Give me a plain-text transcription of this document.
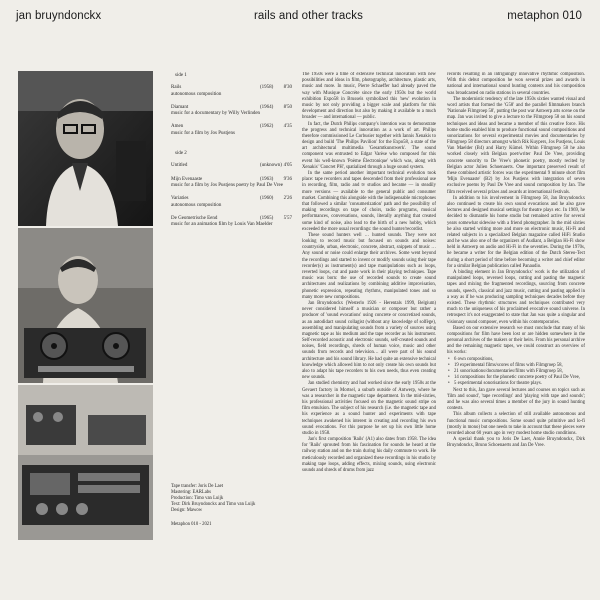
jan bruyndonckx	rails and other tracks	metaphon 010
side 1
Rails	(1958)	8'30
autonomous composition
Diamant	(1964)	8'50
music for a documentary by Willy Verlinden
Amen	(1962)	4'35
music for a film by Jos Pustjens
side 2
Untitled	(unknown) 4'05
Mijn Evenaaste	(1963)	9'36
music for a film by Jos Pustjens poetry by Paul De Vree
Variaties	(1960)	2'26
autonomous composition
De Geometrische Eend	(1965)	5'57
music for an animation film by Louis Van Maelder
Tape transfer: Joris De Laet
Mastering: EARLabs
Production: Timo van Luijk
Text: Dirk Bruyndonckx and Timo van Luijk
Design: Mawow
Metaphon 010 - 2021

The 1950s were a time of extensive technical innovation with new possibilities and ideas in film, photography, architecture, plastic arts, music and more. In music, Pierre Schaeffer had already paved the way with Musique Concrète since the early 1950s but the world exhibition Expo58 in Brussels symbolized this 'new' evolution in music by not only providing a bigger scale and platform for this development and direction but also by making it available to a much broader — and international — public.

In fact, the Dutch Philips company's intention was to demonstrate the progress and technical innovation as a work of art. Philips therefore commissioned Le Corbusier together with Iannis Xenakis to design and build 'The Philips Pavilion' for the Expo58, a state of the art architectural multimedia 'Gesamtkunstwerk'. The sound component was entrusted to Edgar Varèse who composed for this event his well-known 'Poème Électronique' which was, along with Xenakis' 'Concret PH', spatialized through a huge sound system.

In the same period another important technical evolution took place: tape recorders and tapes descended from their professional use in recording, film, radio and tv studios and became — in steadily more versions — available to the general public and consumer market. Combining this alongside with the indispensable microphones that followed a similar 'consumerization' path and the possibility of making recordings on tape of choirs, radio programs, musical performances, conversations, sounds, literally anything that created some kind of noise, also lead to the birth of a new hobby, which exceeded the more usual recordings: the sound hunter/recordist.

These sound hunters well … hunted sounds. They were not looking to record music but focused on sounds and noises: countryside, urban, electronic, concrete, abstract, snippets of music … Any sound or noise could enlarge their archives. Some went beyond the recordings and started to invent or modify sounds using their tape recorder(s) as instrument(s) and tape manipulations such as loops, reverted loops, cut and paste work in their playing techniques. Tape music was born: the use of recorded sounds to create sound architectures and realizations by combining additive improvisation, phonetic expression, repeating rhythms, manipulated tones and so many more new compositions.

Jan Bruyndonckx (Westerlo 1926 - Herentals 1999, Belgium) never considered himself a musician or composer but rather a producer of 'sound evocations' using concrete or concretized sounds, as an autodidact sound collagist (without any knowledge of solfège), assembling and manipulating sounds from a variety of sources using magnetic tape as his medium and the tape recorder as his instrument. Self-recorded acoustic and electronic sounds, self-created sounds and noises, field recordings, shreds of human voice, music and other sounds from records and television… all were part of his sound architecture and his sound library. He had quite an extensive technical knowledge which allowed him to not only create his own sounds but also to adapt his tape recorders to his own needs, thus even creating new sounds.

Jan studied chemistry and had worked since the early 1950s at the Gevaert factory in Mortsel, a suburb outside of Antwerp, where he was a researcher in the magnetic tape department. In the mid-sixties, his professional activities focused on the magnetic sound stripe on film emulsion. The subject of his research (i.e. the magnetic tape and his experience as a sound hunter and experiments with tape techniques awakened his interest in creating and recording his own sound evocations. For this purpose he set up his own little home studio in 1958.

Jan's first composition 'Rails' (A1) also dates from 1958. The idea for 'Rails' sprouted from his fascination for sounds he heard at the railway station and on the train during his daily commute to work. He meticulously recorded and organized these recordings in his studio by making tape loops, adding effects, mixing sounds, using electronic sounds and shreds of drums from jazz

records resulting in an intriguingly innovative rhythmic composition. With this debut composition he won several prizes and awards in national and international sound hunting contests and his composition was broadcasted on radio stations in several countries.

The modernistic tendency of the late 1950s sixties wanted visual and word artists that formed the 'G58' and the parallel filmmakers branch 'Nationale Filmgroep 58', putting the post war Antwerp arts scene on the map. Jan was invited to give a lecture to the Filmgroep 58 on his sound techniques and ideas and became a member of this creative force. His home studio enabled him to produce functional sound compositions and sonorizations for several experimental movies and documentaries by Filmgroep 58 directors amongst which Rik Kuypers, Jos Pustjens, Louis Van Maelder (B4) and Harry Kümel. Within Filmgroep 58 he also worked closely with Belgian poet/writer Paul De Vree, providing concrete sonority to De Vree's phonetic poetry, mostly recited by Belgian actor Julien Schoenaerts. One important preserved result of these combined artistic forces was the experimental 9 minute short film 'Mijn Evenaaste' (B2) by Jos Pustjens with integration of seven exclusive poems by Paul De Vree and sound composition by Jan. The film received several prizes and awards at international festivals.

In addition to his involvement in Filmgroep 58, Jan Bruyndonckx also continued to create his own sound evocations and he also gave lectures and designed musical settings for theatre plays etc. In 1969, he decided to dismantle his home studio but remained active for several years somewhat sidewise with a friend photographer. In the mid sixties he also started writing more and more on electronic music, Hi-Fi and related subjects in a specialized Belgian magazine called HiFi Studio and he was also one of the organizers of Audiant, a Belgian Hi-Fi show held in Antwerp on audio and Hi-Fi in the seventies. During the 1970s, he became a writer for the Belgian edition of the Dutch Stereo-Tect during a short period of time before becoming a writer and chief editor for a similar Belgian publication called Panaudio.

A binding element in Jan Bruyndonckx' work is the utilization of manipulated loops, reversed loops, cutting and pasting the magnetic tapes and mixing the fragmented recordings, sourcing from concrete sounds, speech, classical and jazz music, cutting and pasting applied in a way as if he was producing sampling techniques decades before they existed. These rhythmic structures and techniques contributed very much to the uniqueness of his proclaimed evocative sound universe. In retrospect it's not exaggerated to state that Jan was quite a singular and visionary sound composer, even within his contemporaries.

Based on our extensive research we must conclude that many of his compositions for film have been lost or are hidden somewhere in the personal archives of the makers or their heirs. From his personal archive and the remaining magnetic tapes, we could construct an overview of his works:

• 6 own compositions,
• 19 experimental films/scores of films with Filmgroep 58,
• 21 sonorisations/documentaries/films with Filmgroep 58,
• 14 compositions for the phonetic concrete poetry of Paul De Vree,
• 5 experimental sonorisations for theatre plays.

Next to this, Jan gave several lectures and courses on topics such as 'film and sound', 'tape recordings' and 'playing with tape and sounds'; and he was also several times a member of the jury in sound hunting contests.

This album collects a selection of still available autonomous and functional music compositions. Some sound quite primitive and lo-fi (mostly in mono) but one needs to take in account that these pieces were recorded about 60 years ago in very modest home studio conditions.

A special thank you to Joris De Laet, Annie Bruyndonckx, Dirk Bruyndonckx, Bruno Schoenaerts and Jan De Vree.
